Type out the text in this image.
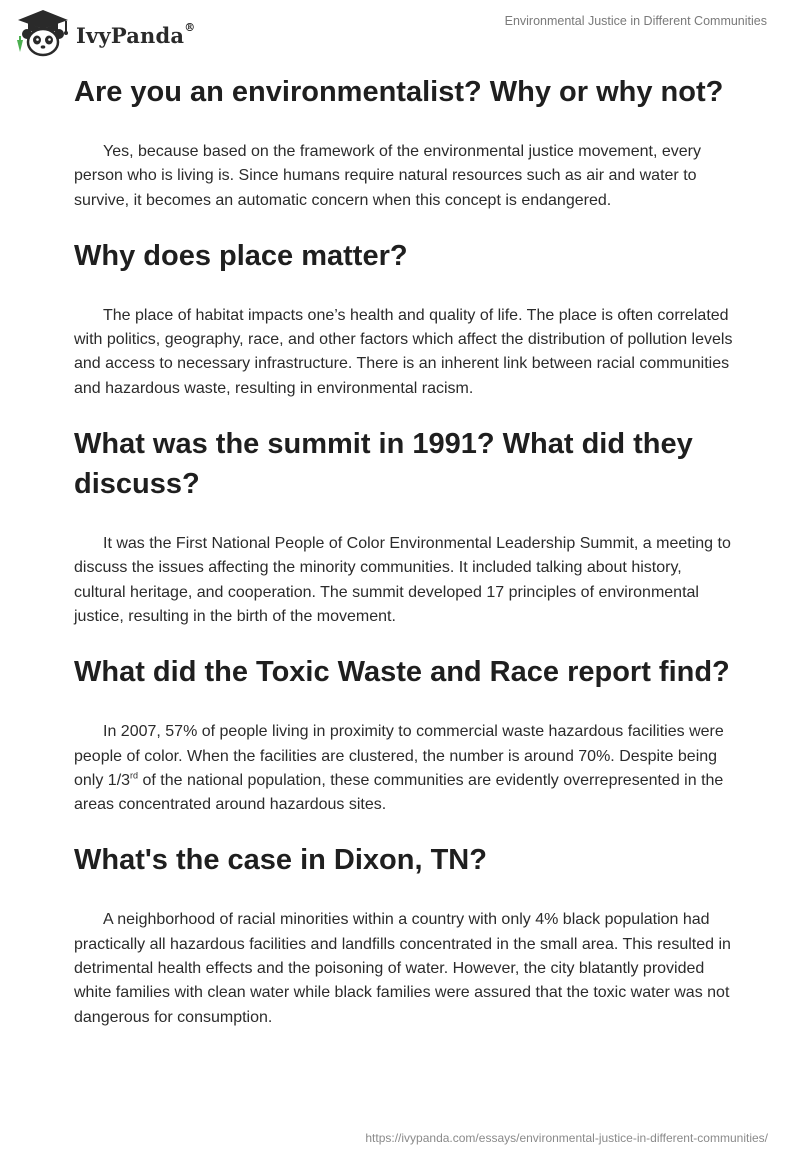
IvyPanda®	Environmental Justice in Different Communities
Are you an environmentalist? Why or why not?

Yes, because based on the framework of the environmental justice movement, every person who is living is. Since humans require natural resources such as air and water to survive, it becomes an automatic concern when this concept is endangered.

Why does place matter?

The place of habitat impacts one’s health and quality of life. The place is often correlated with politics, geography, race, and other factors which affect the distribution of pollution levels and access to necessary infrastructure. There is an inherent link between racial communities and hazardous waste, resulting in environmental racism.

What was the summit in 1991? What did they discuss?

It was the First National People of Color Environmental Leadership Summit, a meeting to discuss the issues affecting the minority communities. It included talking about history, cultural heritage, and cooperation. The summit developed 17 principles of environmental justice, resulting in the birth of the movement.

What did the Toxic Waste and Race report find?

In 2007, 57% of people living in proximity to commercial waste hazardous facilities were people of color. When the facilities are clustered, the number is around 70%. Despite being only 1/3rd of the national population, these communities are evidently overrepresented in the areas concentrated around hazardous sites.

What's the case in Dixon, TN?

A neighborhood of racial minorities within a country with only 4% black population had practically all hazardous facilities and landfills concentrated in the small area. This resulted in detrimental health effects and the poisoning of water. However, the city blatantly provided white families with clean water while black families were assured that the toxic water was not dangerous for consumption.

https://ivypanda.com/essays/environmental-justice-in-different-communities/
